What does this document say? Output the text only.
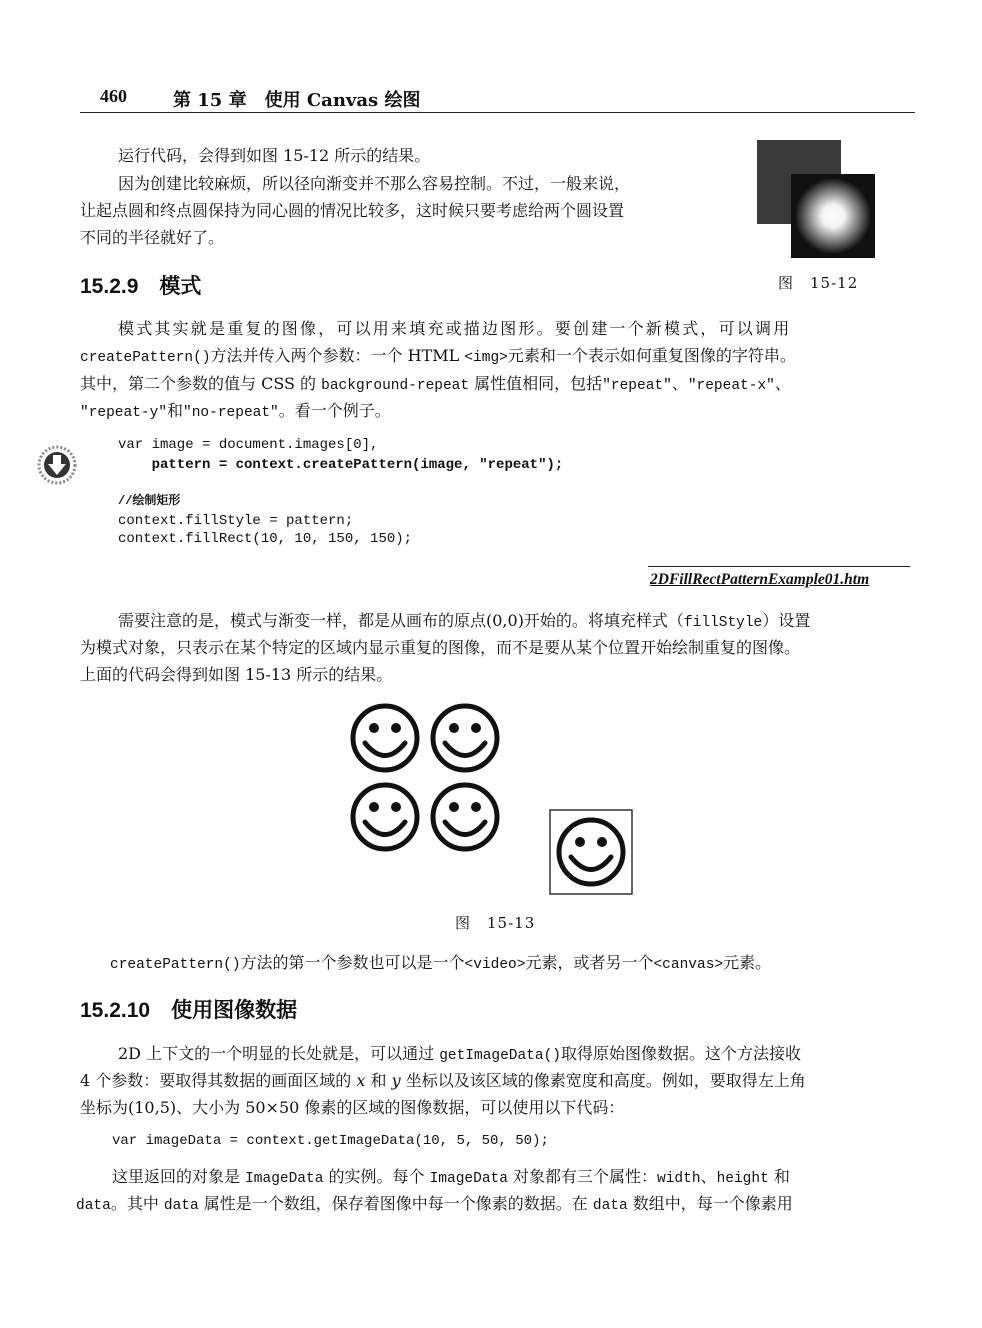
460	第 15 章　使用 Canvas 绘图
运行代码，会得到如图 15-12 所示的结果。
因为创建比较麻烦，所以径向渐变并不那么容易控制。不过，一般来说，
让起点圆和终点圆保持为同心圆的情况比较多，这时候只要考虑给两个圆设置
不同的半径就好了。
图　15-12
15.2.9　模式
模式其实就是重复的图像，可以用来填充或描边图形。要创建一个新模式，可以调用
createPattern()方法并传入两个参数：一个 HTML <img>元素和一个表示如何重复图像的字符串。
其中，第二个参数的值与 CSS 的 background-repeat 属性值相同，包括"repeat"、"repeat-x"、
"repeat-y"和"no-repeat"。看一个例子。
var image = document.images[0],
pattern = context.createPattern(image, "repeat");
//绘制矩形
context.fillStyle = pattern;
context.fillRect(10, 10, 150, 150);
2DFillRectPatternExample01.htm
需要注意的是，模式与渐变一样，都是从画布的原点(0,0)开始的。将填充样式（fillStyle）设置
为模式对象，只表示在某个特定的区域内显示重复的图像，而不是要从某个位置开始绘制重复的图像。
上面的代码会得到如图 15-13 所示的结果。
图　15-13
createPattern()方法的第一个参数也可以是一个<video>元素，或者另一个<canvas>元素。
15.2.10　使用图像数据
2D 上下文的一个明显的长处就是，可以通过 getImageData()取得原始图像数据。这个方法接收
4 个参数：要取得其数据的画面区域的 x 和 y 坐标以及该区域的像素宽度和高度。例如，要取得左上角
坐标为(10,5)、大小为 50×50 像素的区域的图像数据，可以使用以下代码：
var imageData = context.getImageData(10, 5, 50, 50);
这里返回的对象是 ImageData 的实例。每个 ImageData 对象都有三个属性：width、height 和
data。其中 data 属性是一个数组，保存着图像中每一个像素的数据。在 data 数组中，每一个像素用
